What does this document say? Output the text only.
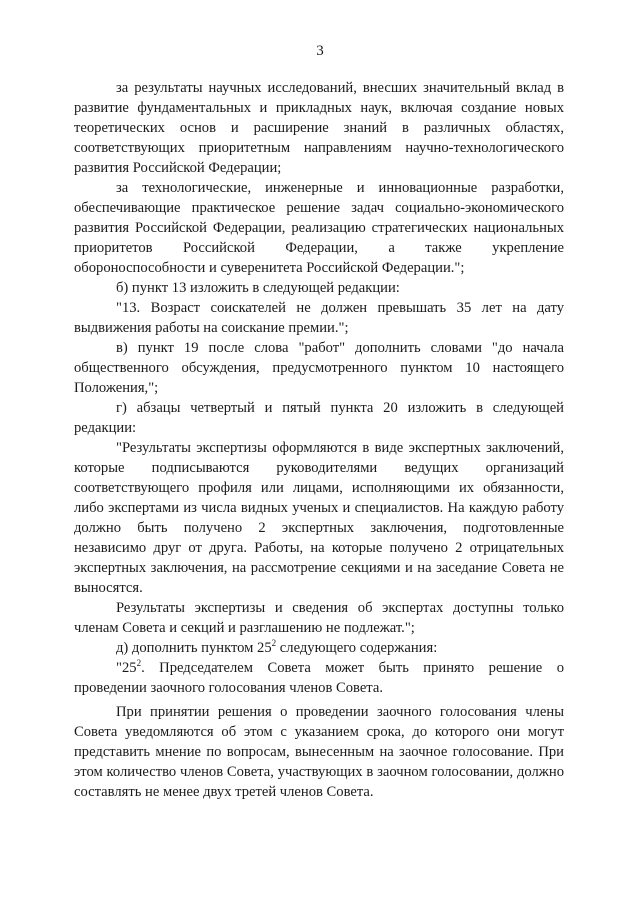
3

за результаты научных исследований, внесших значительный вклад в развитие фундаментальных и прикладных наук, включая создание новых теоретических основ и расширение знаний в различных областях, соответствующих приоритетным направлениям научно-технологического развития Российской Федерации;

за технологические, инженерные и инновационные разработки, обеспечивающие практическое решение задач социально-экономического развития Российской Федерации, реализацию стратегических национальных приоритетов Российской Федерации, а также укрепление обороноспособности и суверенитета Российской Федерации.";

б) пункт 13 изложить в следующей редакции:

"13. Возраст соискателей не должен превышать 35 лет на дату выдвижения работы на соискание премии.";

в) пункт 19 после слова "работ" дополнить словами "до начала общественного обсуждения, предусмотренного пунктом 10 настоящего Положения,";

г) абзацы четвертый и пятый пункта 20 изложить в следующей редакции:

"Результаты экспертизы оформляются в виде экспертных заключений, которые подписываются руководителями ведущих организаций соответствующего профиля или лицами, исполняющими их обязанности, либо экспертами из числа видных ученых и специалистов. На каждую работу должно быть получено 2 экспертных заключения, подготовленные независимо друг от друга. Работы, на которые получено 2 отрицательных экспертных заключения, на рассмотрение секциями и на заседание Совета не выносятся.

Результаты экспертизы и сведения об экспертах доступны только членам Совета и секций и разглашению не подлежат.";

д) дополнить пунктом $25^2$ следующего содержания:

"$25^2$. Председателем Совета может быть принято решение о проведении заочного голосования членов Совета.

При принятии решения о проведении заочного голосования члены Совета уведомляются об этом с указанием срока, до которого они могут представить мнение по вопросам, вынесенным на заочное голосование. При этом количество членов Совета, участвующих в заочном голосовании, должно составлять не менее двух третей членов Совета.
